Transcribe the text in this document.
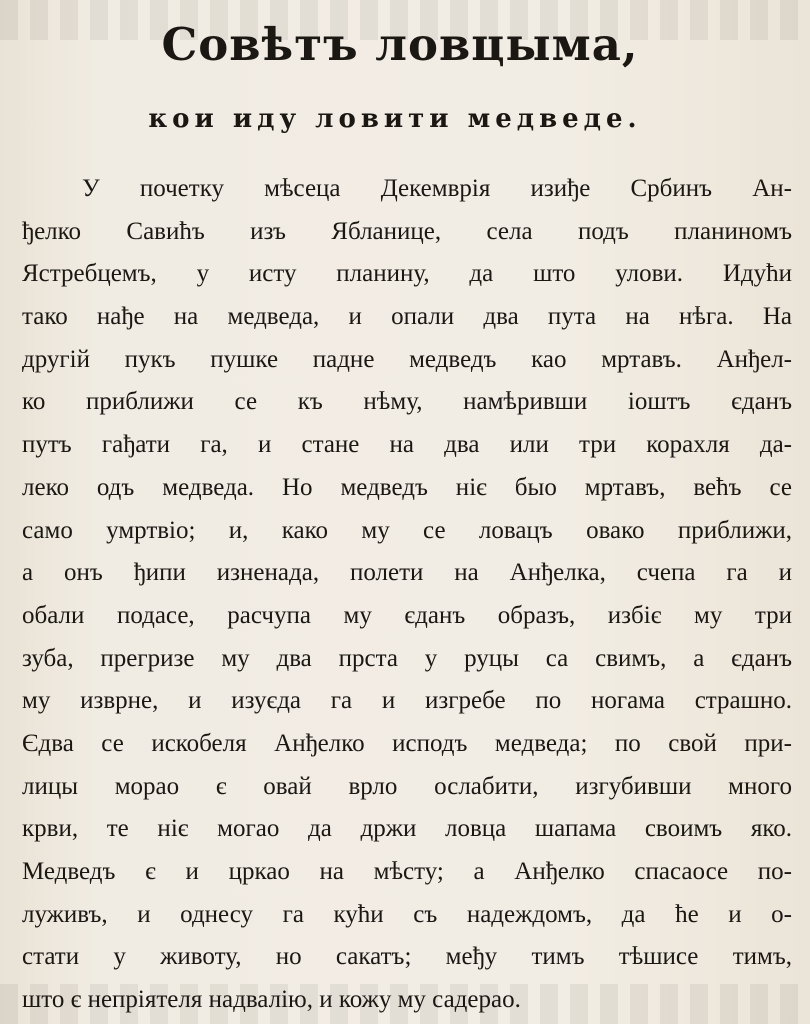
Совѣтъ ловцыма,
кои иду ловити медведе.
У почетку мѣсеца Декемврія изиђе Србинъ Ан-
ђелко Савићъ изъ Ябланице, села подъ планиномъ
Ястребцемъ, у исту планину, да што улови. Идући
тако нађе на медведа, и опали два пута на нѣга. На
другій пукъ пушке падне медведъ као мртавъ. Анђел-
ко приближи се къ нѣму, намѣривши іоштъ єданъ
путъ гађати га, и стане на два или три корахля да-
леко одъ медведа. Но медведъ ніє быо мртавъ, већъ се
само умртвіо; и, како му се ловацъ овако приближи,
а онъ ђипи изненада, полети на Анђелка, счепа га и
обали подасе, расчупа му єданъ образъ, избіє му три
зуба, прегризе му два прста у руцы са свимъ, а єданъ
му изврне, и изуєда га и изгребе по ногама страшно.
Єдва се искобеля Анђелко исподъ медведа; по свой при-
лицы морао є овай врло ослабити, изгубивши много
крви, те ніє могао да држи ловца шапама своимъ яко.
Медведъ є и цркао на мѣсту; а Анђелко спасаосе по-
луживъ, и однесу га кући съ надеждомъ, да ће и о-
стати у животу, но сакатъ; међу тимъ тѣшисе тимъ,
што є непріятеля надвалію, и кожу му садерао.
